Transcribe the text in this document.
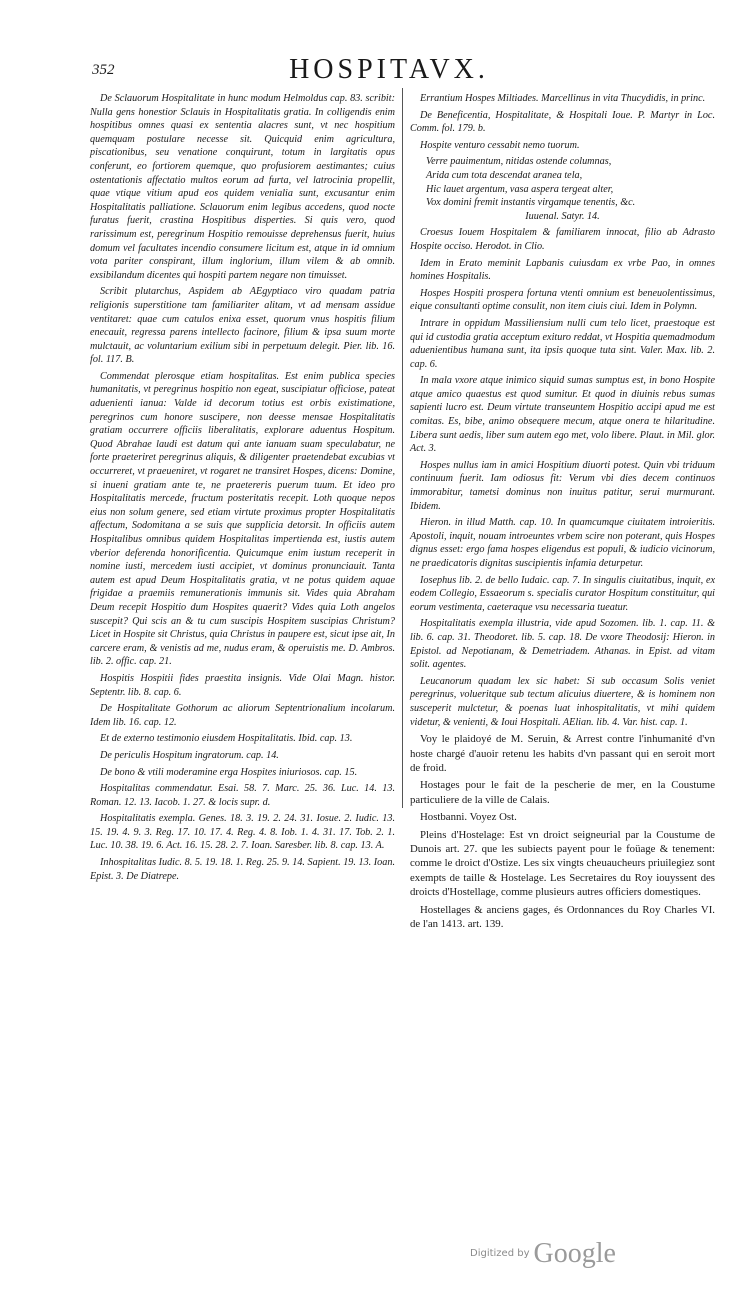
352	HOSPITAVX.

De Sclauorum Hospitalitate in hunc modum Helmoldus cap. 83. scribit: Nulla gens honestior Sclauis in Hospitalitatis gratia. In colligendis enim hospitibus omnes quasi ex sententia alacres sunt, vt nec hospitium quemquam postulare necesse sit. Quicquid enim agricultura, piscationibus, seu venatione conquirunt, totum in largitatis opus conferunt, eo fortiorem quemque, quo profusiorem aestimantes; cuius ostentationis affectatio multos eorum ad furta, vel latrocinia propellit, quae vtique vitium apud eos quidem venialia sunt, excusantur enim Hospitalitatis palliatione. Sclauorum enim legibus accedens, quod nocte furatus fuerit, crastina Hospitibus disperties. Si quis vero, quod rarissimum est, peregrinum Hospitio remouisse deprehensus fuerit, huius domum vel facultates incendio consumere licitum est, atque in id omnium vota pariter conspirant, illum inglorium, illum vilem & ab omnib. exsibilandum dicentes qui hospiti partem negare non timuisset.

Scribit plutarchus, Aspidem ab AEgyptiaco viro quadam patria religionis superstitione tam familiariter alitam, vt ad mensam assidue ventitaret: quae cum catulos enixa esset, quorum vnus hospitis filium enecauit, regressa parens intellecto facinore, filium & ipsa suum morte mulctauit, ac voluntarium exilium sibi in perpetuum delegit. Pier. lib. 16. fol. 117. B.

Commendat plerosque etiam hospitalitas. Est enim publica species humanitatis, vt peregrinus hospitio non egeat, suscipiatur officiose, pateat aduenienti ianua: Valde id decorum totius est orbis existimatione, peregrinos cum honore suscipere, non deesse mensae Hospitalitatis gratiam occurrere officiis liberalitatis, explorare aduentus Hospitum. Quod Abrahae laudi est datum qui ante ianuam suam speculabatur, ne forte praeteriret peregrinus aliquis, & diligenter praetendebat excubias vt occurreret, vt praeueniret, vt rogaret ne transiret Hospes, dicens: Domine, si inueni gratiam ante te, ne praetereris puerum tuum. Et ideo pro Hospitalitatis mercede, fructum posteritatis recepit. Loth quoque nepos eius non solum genere, sed etiam virtute proximus propter Hospitalitatis affectum, Sodomitana a se suis que supplicia detorsit. In officiis autem Hospitalibus omnibus quidem Hospitalitas impertienda est, iustis autem vberior deferenda honorificentia. Quicumque enim iustum receperit in nomine iusti, mercedem iusti accipiet, vt dominus pronunciauit. Tanta autem est apud Deum Hospitalitatis gratia, vt ne potus quidem aquae frigidae a praemiis remunerationis immunis sit. Vides quia Abraham Deum recepit Hospitio dum Hospites quaerit? Vides quia Loth angelos suscepit? Qui scis an & tu cum suscipis Hospitem suscipias Christum? Licet in Hospite sit Christus, quia Christus in paupere est, sicut ipse ait, In carcere eram, & venistis ad me, nudus eram, & operuistis me. D. Ambros. lib. 2. offic. cap. 21.

Hospitis Hospitii fides praestita insignis. Vide Olai Magn. histor. Septentr. lib. 8. cap. 6.

De Hospitalitate Gothorum ac aliorum Septentrionalium incolarum. Idem lib. 16. cap. 12.

Et de externo testimonio eiusdem Hospitalitatis. Ibid. cap. 13.

De periculis Hospitum ingratorum. cap. 14.

De bono & vtili moderamine erga Hospites iniuriosos. cap. 15.

Hospitalitas commendatur. Esai. 58. 7. Marc. 25. 36. Luc. 14. 13. Roman. 12. 13. Iacob. 1. 27. & locis supr. d.

Hospitalitatis exempla. Genes. 18. 3. 19. 2. 24. 31. Iosue. 2. Iudic. 13. 15. 19. 4. 9. 3. Reg. 17. 10. 17. 4. Reg. 4. 8. Iob. 1. 4. 31. 17. Tob. 2. 1. Luc. 10. 38. 19. 6. Act. 16. 15. 28. 2. 7. Ioan. Saresber. lib. 8. cap. 13. A.

Inhospitalitas Iudic. 8. 5. 19. 18. 1. Reg. 25. 9. 14. Sapient. 19. 13. Ioan. Epist. 3. De Diatrepe.

Errantium Hospes Miltiades. Marcellinus in vita Thucydidis, in princ.

De Beneficentia, Hospitalitate, & Hospitali Ioue. P. Martyr in Loc. Comm. fol. 179. b.

Hospite venturo cessabit nemo tuorum.

Verre pauimentum, nitidas ostende columnas,

Arida cum tota descendat aranea tela,

Hic lauet argentum, vasa aspera tergeat alter,

Vox domini fremit instantis virgamque tenentis, &c.

Iuuenal. Satyr. 14.

Croesus Iouem Hospitalem & familiarem innocat, filio ab Adrasto Hospite occiso. Herodot. in Clio.

Idem in Erato meminit Lapbanis cuiusdam ex vrbe Pao, in omnes homines Hospitalis.

Hospes Hospiti prospera fortuna vtenti omnium est beneuolentissimus, eique consultanti optime consulit, non item ciuis ciui. Idem in Polymn.

Intrare in oppidum Massiliensium nulli cum telo licet, praestoque est qui id custodia gratia acceptum exituro reddat, vt Hospitia quemadmodum aduenientibus humana sunt, ita ipsis quoque tuta sint. Valer. Max. lib. 2. cap. 6.

In mala vxore atque inimico siquid sumas sumptus est, in bono Hospite atque amico quaestus est quod sumitur. Et quod in diuinis rebus sumas sapienti lucro est. Deum virtute transeuntem Hospitio accipi apud me est comitas. Es, bibe, animo obsequere mecum, atque onera te hilaritudine. Libera sunt aedis, liber sum autem ego met, volo libere. Plaut. in Mil. glor. Act. 3.

Hospes nullus iam in amici Hospitium diuorti potest. Quin vbi triduum continuum fuerit. Iam odiosus fit: Verum vbi dies decem continuos immorabitur, tametsi dominus non inuitus patitur, serui murmurant. Ibidem.

Hieron. in illud Matth. cap. 10. In quamcumque ciuitatem introieritis. Apostoli, inquit, nouam introeuntes vrbem scire non poterant, quis Hospes dignus esset: ergo fama hospes eligendus est populi, & iudicio vicinorum, ne praedicatoris dignitas suscipientis infamia deturpetur.

Iosephus lib. 2. de bello Iudaic. cap. 7. In singulis ciuitatibus, inquit, ex eodem Collegio, Essaeorum s. specialis curator Hospitum constituitur, qui eorum vestimenta, caeteraque vsu necessaria tueatur.

Hospitalitatis exempla illustria, vide apud Sozomen. lib. 1. cap. 11. & lib. 6. cap. 31. Theodoret. lib. 5. cap. 18. De vxore Theodosij: Hieron. in Epistol. ad Nepotianam, & Demetriadem. Athanas. in Epist. ad vitam solit. agentes.

Leucanorum quadam lex sic habet: Si sub occasum Solis veniet peregrinus, volueritque sub tectum alicuius diuertere, & is hominem non susceperit mulctetur, & poenas luat inhospitalitatis, vt mihi quidem videtur, & venienti, & Ioui Hospitali. AElian. lib. 4. Var. hist. cap. 1.

Voy le plaidoyé de M. Seruin, & Arrest contre l'inhumanité d'vn hoste chargé d'auoir retenu les habits d'vn passant qui en seroit mort de froid.

Hostages pour le fait de la pescherie de mer, en la Coustume particuliere de la ville de Calais.

Hostbanni. Voyez Ost.

Pleins d'Hostelage: Est vn droict seigneurial par la Coustume de Dunois art. 27. que les subiects payent pour le foüage & tenement: comme le droict d'Ostize. Les six vingts cheuaucheurs priuilegiez sont exempts de taille & Hostelage. Les Secretaires du Roy iouyssent des droicts d'Hostellage, comme plusieurs autres officiers domestiques.

Hostellages & anciens gages, és Ordonnances du Roy Charles VI. de l'an 1413. art. 139.

$^{Digitized by}$ Google
